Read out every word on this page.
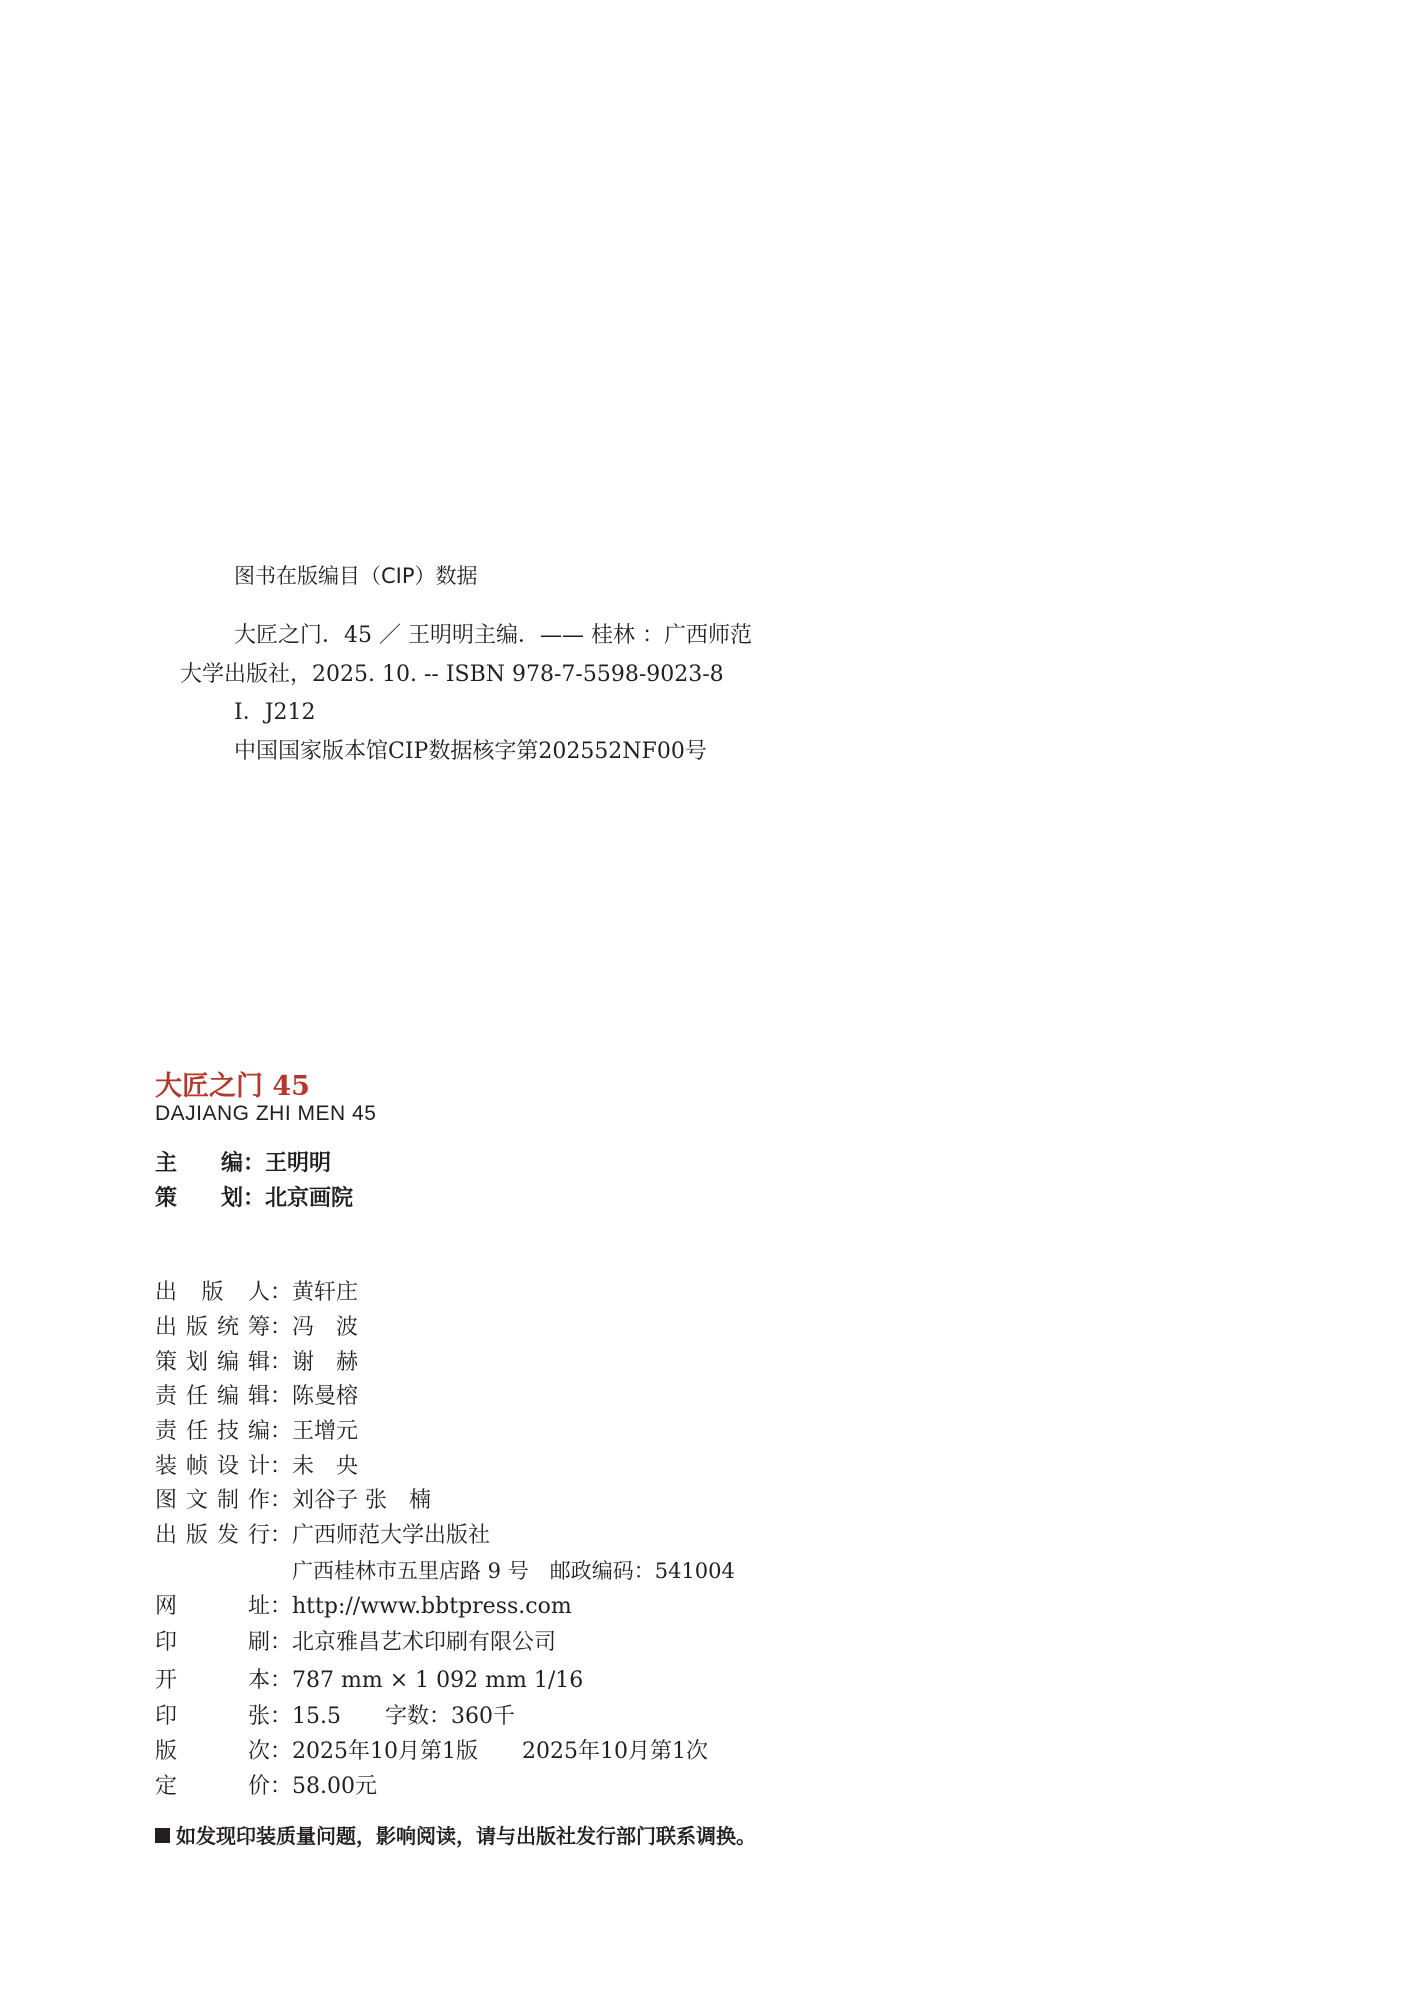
图书在版编目（CIP）数据
大匠之门．45 ／ 王明明主编．—— 桂林 ：广西师范
大学出版社，2025. 10. -- ISBN 978-7-5598-9023-8
Ⅰ．J212
中国国家版本馆CIP数据核字第202552NF00号
大匠之门 45
DAJIANG ZHI MEN 45
主　　编：王明明
策　　划：北京画院
出版人：黄轩庄
出版统筹：冯　波
策划编辑：谢　赫
责任编辑：陈曼榕
责任技编：王增元
装帧设计：未　央
图文制作：刘谷子 张　楠
出版发行：广西师范大学出版社
广西桂林市五里店路 9 号　邮政编码：541004
网址：http://www.bbtpress.com
印刷：北京雅昌艺术印刷有限公司
开本：787 mm × 1 092 mm 1/16
印张：15.5　　字数：360千
版次：2025年10月第1版　　2025年10月第1次
定价：58.00元
如发现印装质量问题，影响阅读，请与出版社发行部门联系调换。
